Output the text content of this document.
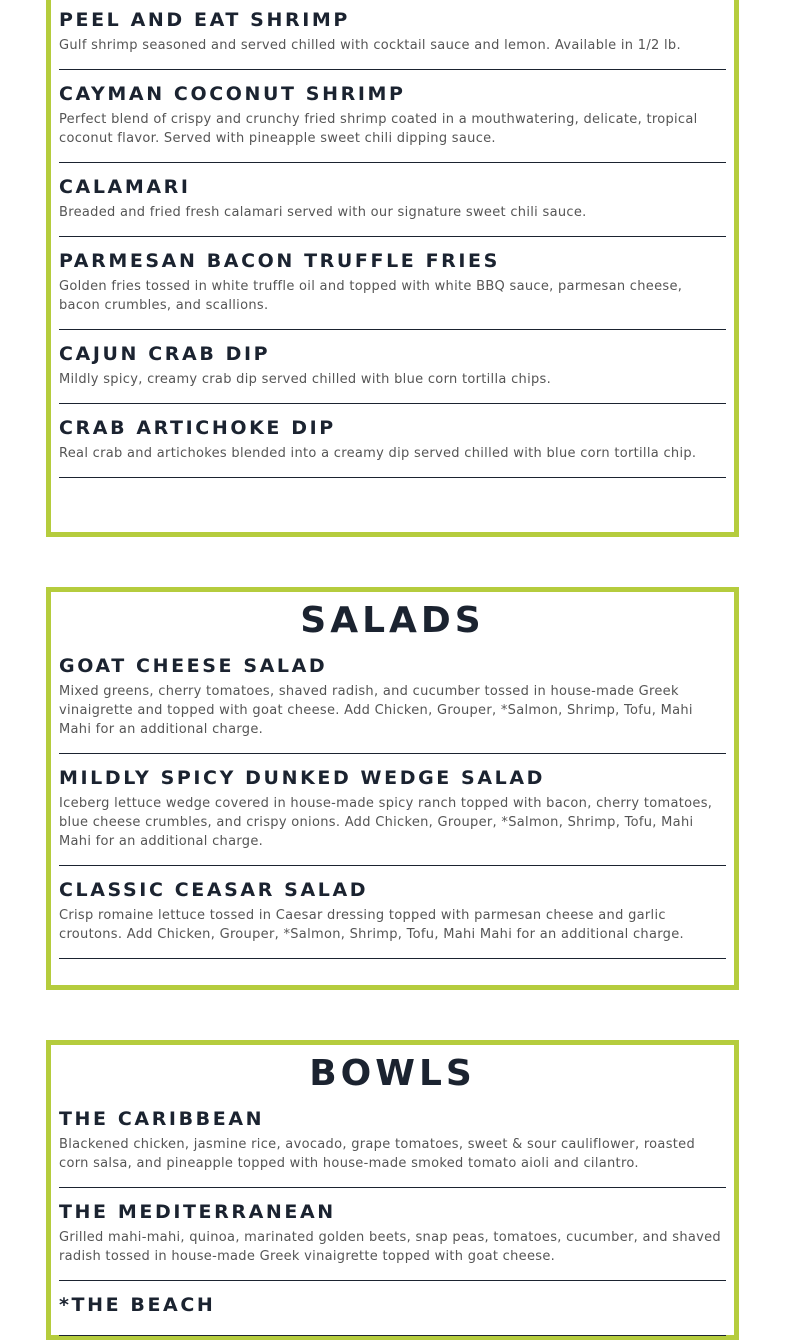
PEEL AND EAT SHRIMP

Gulf shrimp seasoned and served chilled with cocktail sauce and lemon. Available in 1/2 lb.

CAYMAN COCONUT SHRIMP

Perfect blend of crispy and crunchy fried shrimp coated in a mouthwatering, delicate, tropical coconut flavor. Served with pineapple sweet chili dipping sauce.

CALAMARI

Breaded and fried fresh calamari served with our signature sweet chili sauce.

PARMESAN BACON TRUFFLE FRIES

Golden fries tossed in white truffle oil and topped with white BBQ sauce, parmesan cheese, bacon crumbles, and scallions.

CAJUN CRAB DIP

Mildly spicy, creamy crab dip served chilled with blue corn tortilla chips.

CRAB ARTICHOKE DIP

Real crab and artichokes blended into a creamy dip served chilled with blue corn tortilla chip.

SALADS
GOAT CHEESE SALAD

Mixed greens, cherry tomatoes, shaved radish, and cucumber tossed in house-made Greek vinaigrette and topped with goat cheese. Add Chicken, Grouper, *Salmon, Shrimp, Tofu, Mahi Mahi for an additional charge.

MILDLY SPICY DUNKED WEDGE SALAD

Iceberg lettuce wedge covered in house-made spicy ranch topped with bacon, cherry tomatoes, blue cheese crumbles, and crispy onions. Add Chicken, Grouper, *Salmon, Shrimp, Tofu, Mahi Mahi for an additional charge.

CLASSIC CEASAR SALAD

Crisp romaine lettuce tossed in Caesar dressing topped with parmesan cheese and garlic croutons. Add Chicken, Grouper, *Salmon, Shrimp, Tofu, Mahi Mahi for an additional charge.

BOWLS
THE CARIBBEAN

Blackened chicken, jasmine rice, avocado, grape tomatoes, sweet & sour cauliflower, roasted corn salsa, and pineapple topped with house-made smoked tomato aioli and cilantro.

THE MEDITERRANEAN

Grilled mahi-mahi, quinoa, marinated golden beets, snap peas, tomatoes, cucumber, and shaved radish tossed in house-made Greek vinaigrette topped with goat cheese.

*THE BEACH
